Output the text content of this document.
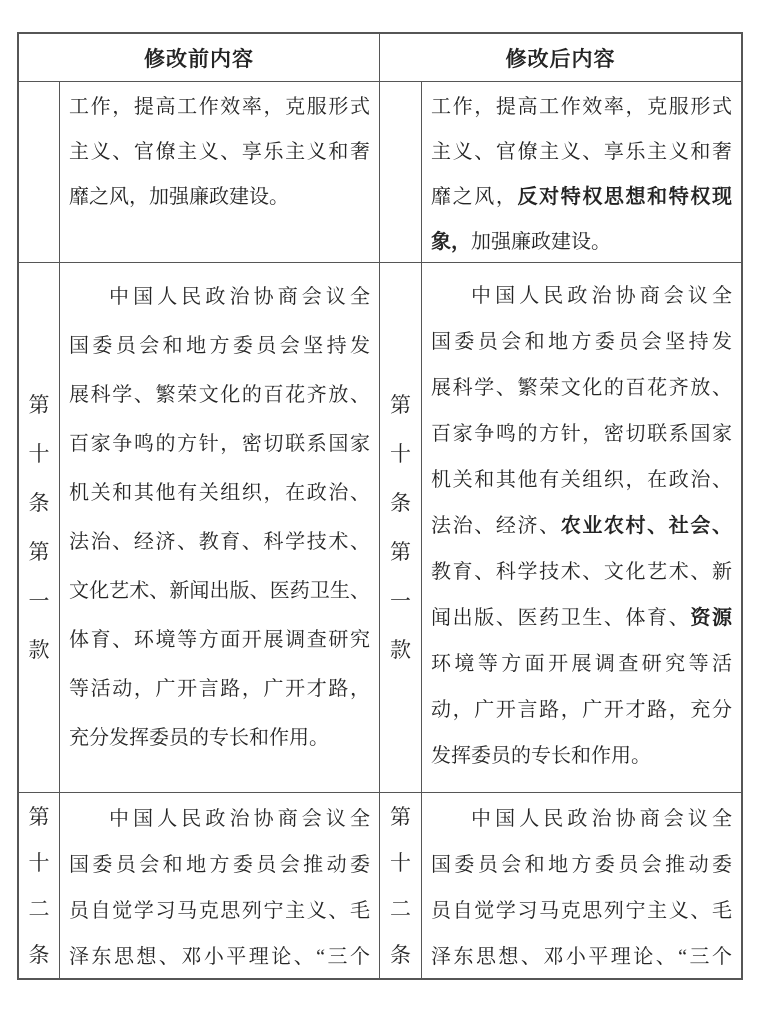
修改前内容	修改后内容
工作，提高工作效率，克服形式
主义、官僚主义、享乐主义和奢
靡之风，加强廉政建设。
工作，提高工作效率，克服形式
主义、官僚主义、享乐主义和奢
靡之风，反对特权思想和特权现
象，加强廉政建设。
第
十
条
第
一
款
中国人民政治协商会议全
国委员会和地方委员会坚持发
展科学、繁荣文化的百花齐放、
百家争鸣的方针，密切联系国家
机关和其他有关组织，在政治、
法治、经济、教育、科学技术、
文化艺术、新闻出版、医药卫生、
体育、环境等方面开展调查研究
等活动，广开言路，广开才路，
充分发挥委员的专长和作用。
第
十
条
第
一
款
中国人民政治协商会议全
国委员会和地方委员会坚持发
展科学、繁荣文化的百花齐放、
百家争鸣的方针，密切联系国家
机关和其他有关组织，在政治、
法治、经济、农业农村、社会、
教育、科学技术、文化艺术、新
闻出版、医药卫生、体育、资源
环境等方面开展调查研究等活
动，广开言路，广开才路，充分
发挥委员的专长和作用。
第
十
二
条
中国人民政治协商会议全
国委员会和地方委员会推动委
员自觉学习马克思列宁主义、毛
泽东思想、邓小平理论、“三个
第
十
二
条
中国人民政治协商会议全
国委员会和地方委员会推动委
员自觉学习马克思列宁主义、毛
泽东思想、邓小平理论、“三个
